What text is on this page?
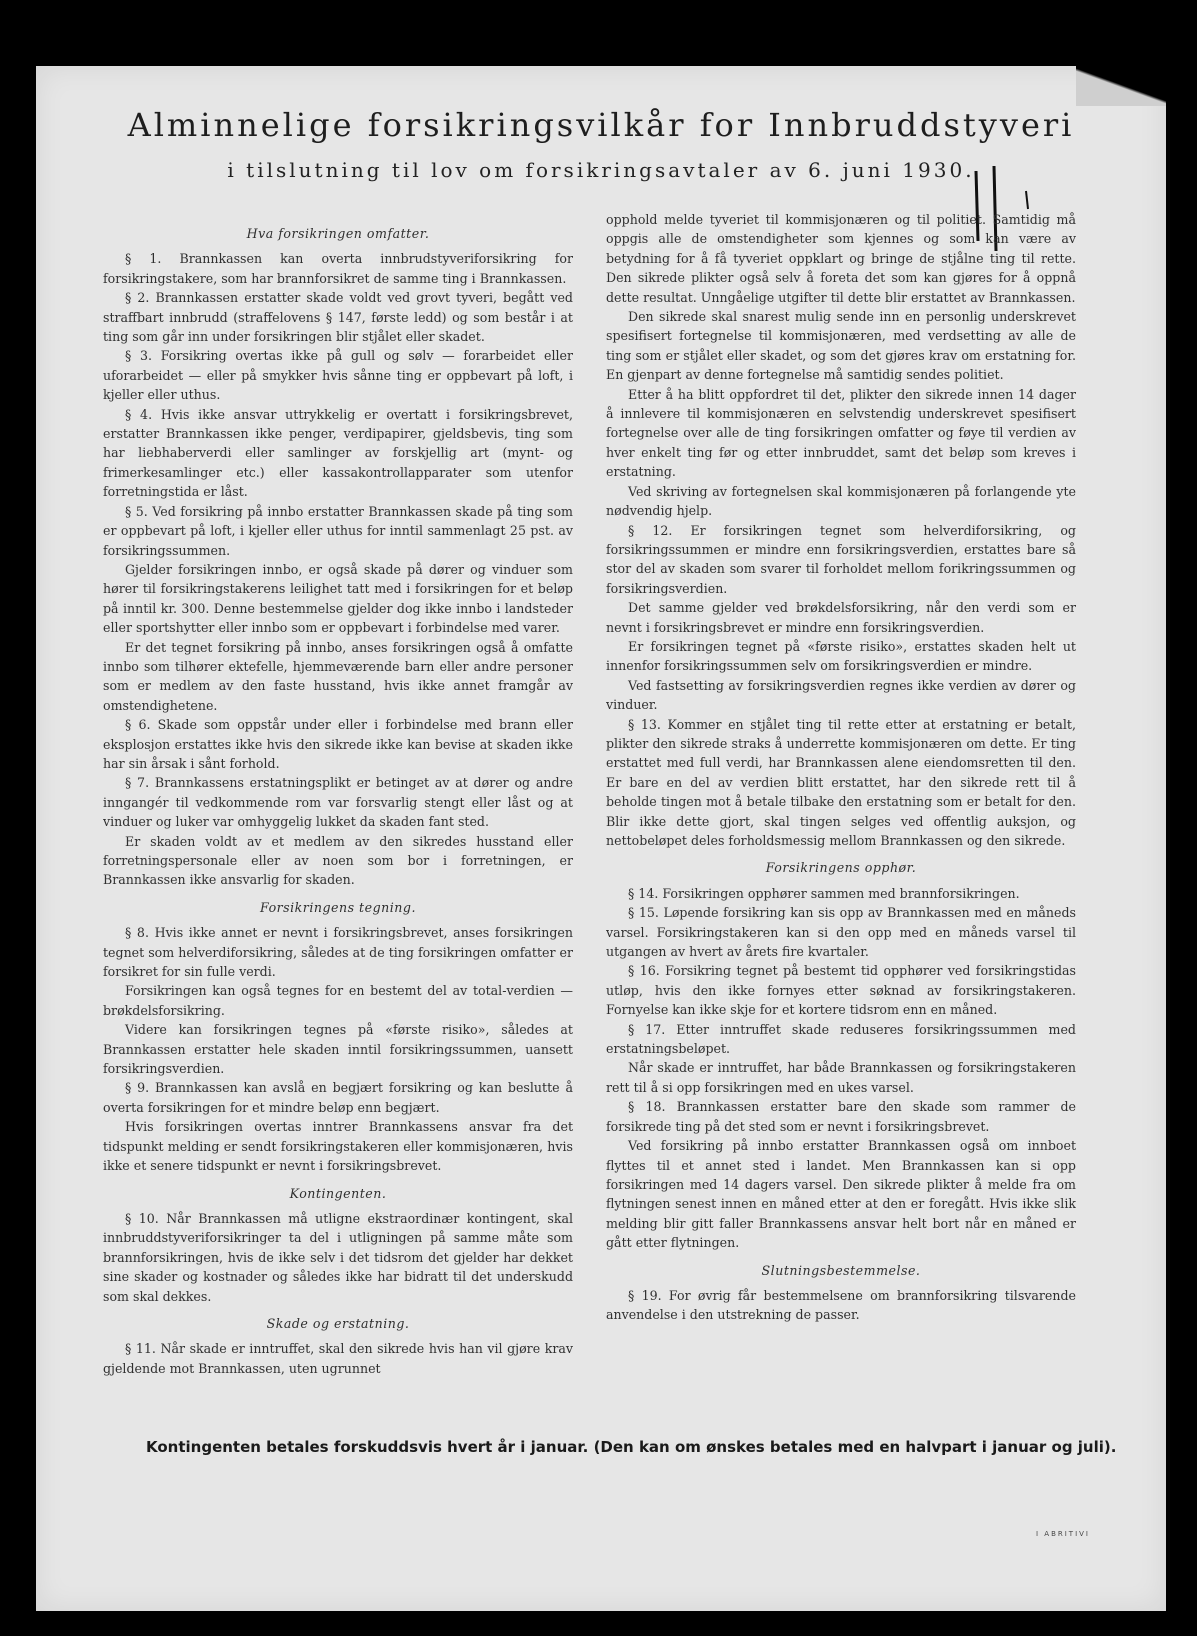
Alminnelige forsikringsvilkår for Innbruddstyveri
i tilslutning til lov om forsikringsavtaler av 6. juni 1930.
Hva forsikringen omfatter.

§ 1. Brannkassen kan overta innbrudstyveriforsikring for forsikringstakere, som har brannforsikret de samme ting i Brannkassen.

§ 2. Brannkassen erstatter skade voldt ved grovt tyveri, begått ved straffbart innbrudd (straffelovens § 147, første ledd) og som består i at ting som går inn under forsikringen blir stjålet eller skadet.

§ 3. Forsikring overtas ikke på gull og sølv — forarbeidet eller uforarbeidet — eller på smykker hvis sånne ting er oppbevart på loft, i kjeller eller uthus.

§ 4. Hvis ikke ansvar uttrykkelig er overtatt i forsikringsbrevet, erstatter Brannkassen ikke penger, verdipapirer, gjeldsbevis, ting som har liebhaberverdi eller samlinger av forskjellig art (mynt- og frimerkesamlinger etc.) eller kassakontrollapparater som utenfor forretningstida er låst.

§ 5. Ved forsikring på innbo erstatter Brannkassen skade på ting som er oppbevart på loft, i kjeller eller uthus for inntil sammenlagt 25 pst. av forsikringssummen.

Gjelder forsikringen innbo, er også skade på dører og vinduer som hører til forsikringstakerens leilighet tatt med i forsikringen for et beløp på inntil kr. 300. Denne bestemmelse gjelder dog ikke innbo i landsteder eller sportshytter eller innbo som er oppbevart i forbindelse med varer.

Er det tegnet forsikring på innbo, anses forsikringen også å omfatte innbo som tilhører ektefelle, hjemmeværende barn eller andre personer som er medlem av den faste husstand, hvis ikke annet framgår av omstendighetene.

§ 6. Skade som oppstår under eller i forbindelse med brann eller eksplosjon erstattes ikke hvis den sikrede ikke kan bevise at skaden ikke har sin årsak i sånt forhold.

§ 7. Brannkassens erstatningsplikt er betinget av at dører og andre inngangér til vedkommende rom var forsvarlig stengt eller låst og at vinduer og luker var omhyggelig lukket da skaden fant sted.

Er skaden voldt av et medlem av den sikredes husstand eller forretningspersonale eller av noen som bor i forretningen, er Brannkassen ikke ansvarlig for skaden.

Forsikringens tegning.

§ 8. Hvis ikke annet er nevnt i forsikringsbrevet, anses forsikringen tegnet som helverdiforsikring, således at de ting forsikringen omfatter er forsikret for sin fulle verdi.

Forsikringen kan også tegnes for en bestemt del av total-verdien — brøkdelsforsikring.

Videre kan forsikringen tegnes på «første risiko», således at Brannkassen erstatter hele skaden inntil forsikringssummen, uansett forsikringsverdien.

§ 9. Brannkassen kan avslå en begjært forsikring og kan beslutte å overta forsikringen for et mindre beløp enn begjært.

Hvis forsikringen overtas inntrer Brannkassens ansvar fra det tidspunkt melding er sendt forsikringstakeren eller kommisjonæren, hvis ikke et senere tidspunkt er nevnt i forsikringsbrevet.

Kontingenten.

§ 10. Når Brannkassen må utligne ekstraordinær kontingent, skal innbruddstyveriforsikringer ta del i utligningen på samme måte som brannforsikringen, hvis de ikke selv i det tidsrom det gjelder har dekket sine skader og kostnader og således ikke har bidratt til det underskudd som skal dekkes.

Skade og erstatning.

§ 11. Når skade er inntruffet, skal den sikrede hvis han vil gjøre krav gjeldende mot Brannkassen, uten ugrunnet

opphold melde tyveriet til kommisjonæren og til politiet. Samtidig må oppgis alle de omstendigheter som kjennes og som kan være av betydning for å få tyveriet oppklart og bringe de stjålne ting til rette. Den sikrede plikter også selv å foreta det som kan gjøres for å oppnå dette resultat. Unngåelige utgifter til dette blir erstattet av Brannkassen.

Den sikrede skal snarest mulig sende inn en personlig underskrevet spesifisert fortegnelse til kommisjonæren, med verdsetting av alle de ting som er stjålet eller skadet, og som det gjøres krav om erstatning for. En gjenpart av denne fortegnelse må samtidig sendes politiet.

Etter å ha blitt oppfordret til det, plikter den sikrede innen 14 dager å innlevere til kommisjonæren en selvstendig underskrevet spesifisert fortegnelse over alle de ting forsikringen omfatter og føye til verdien av hver enkelt ting før og etter innbruddet, samt det beløp som kreves i erstatning.

Ved skriving av fortegnelsen skal kommisjonæren på forlangende yte nødvendig hjelp.

§ 12. Er forsikringen tegnet som helverdiforsikring, og forsikringssummen er mindre enn forsikringsverdien, erstattes bare så stor del av skaden som svarer til forholdet mellom forikringssummen og forsikringsverdien.

Det samme gjelder ved brøkdelsforsikring, når den verdi som er nevnt i forsikringsbrevet er mindre enn forsikringsverdien.

Er forsikringen tegnet på «første risiko», erstattes skaden helt ut innenfor forsikringssummen selv om forsikringsverdien er mindre.

Ved fastsetting av forsikringsverdien regnes ikke verdien av dører og vinduer.

§ 13. Kommer en stjålet ting til rette etter at erstatning er betalt, plikter den sikrede straks å underrette kommisjonæren om dette. Er ting erstattet med full verdi, har Brannkassen alene eiendomsretten til den. Er bare en del av verdien blitt erstattet, har den sikrede rett til å beholde tingen mot å betale tilbake den erstatning som er betalt for den. Blir ikke dette gjort, skal tingen selges ved offentlig auksjon, og nettobeløpet deles forholdsmessig mellom Brannkassen og den sikrede.

Forsikringens opphør.

§ 14. Forsikringen opphører sammen med brannforsikringen.

§ 15. Løpende forsikring kan sis opp av Brannkassen med en måneds varsel. Forsikringstakeren kan si den opp med en måneds varsel til utgangen av hvert av årets fire kvartaler.

§ 16. Forsikring tegnet på bestemt tid opphører ved forsikringstidas utløp, hvis den ikke fornyes etter søknad av forsikringstakeren. Fornyelse kan ikke skje for et kortere tidsrom enn en måned.

§ 17. Etter inntruffet skade reduseres forsikringssummen med erstatningsbeløpet.

Når skade er inntruffet, har både Brannkassen og forsikringstakeren rett til å si opp forsikringen med en ukes varsel.

§ 18. Brannkassen erstatter bare den skade som rammer de forsikrede ting på det sted som er nevnt i forsikringsbrevet.

Ved forsikring på innbo erstatter Brannkassen også om innboet flyttes til et annet sted i landet. Men Brannkassen kan si opp forsikringen med 14 dagers varsel. Den sikrede plikter å melde fra om flytningen senest innen en måned etter at den er foregått. Hvis ikke slik melding blir gitt faller Brannkassens ansvar helt bort når en måned er gått etter flytningen.

Slutningsbestemmelse.

§ 19. For øvrig får bestemmelsene om brannforsikring tilsvarende anvendelse i den utstrekning de passer.

Kontingenten betales forskuddsvis hvert år i januar. (Den kan om ønskes betales med en halvpart i januar og juli).
I ABRITIVI
